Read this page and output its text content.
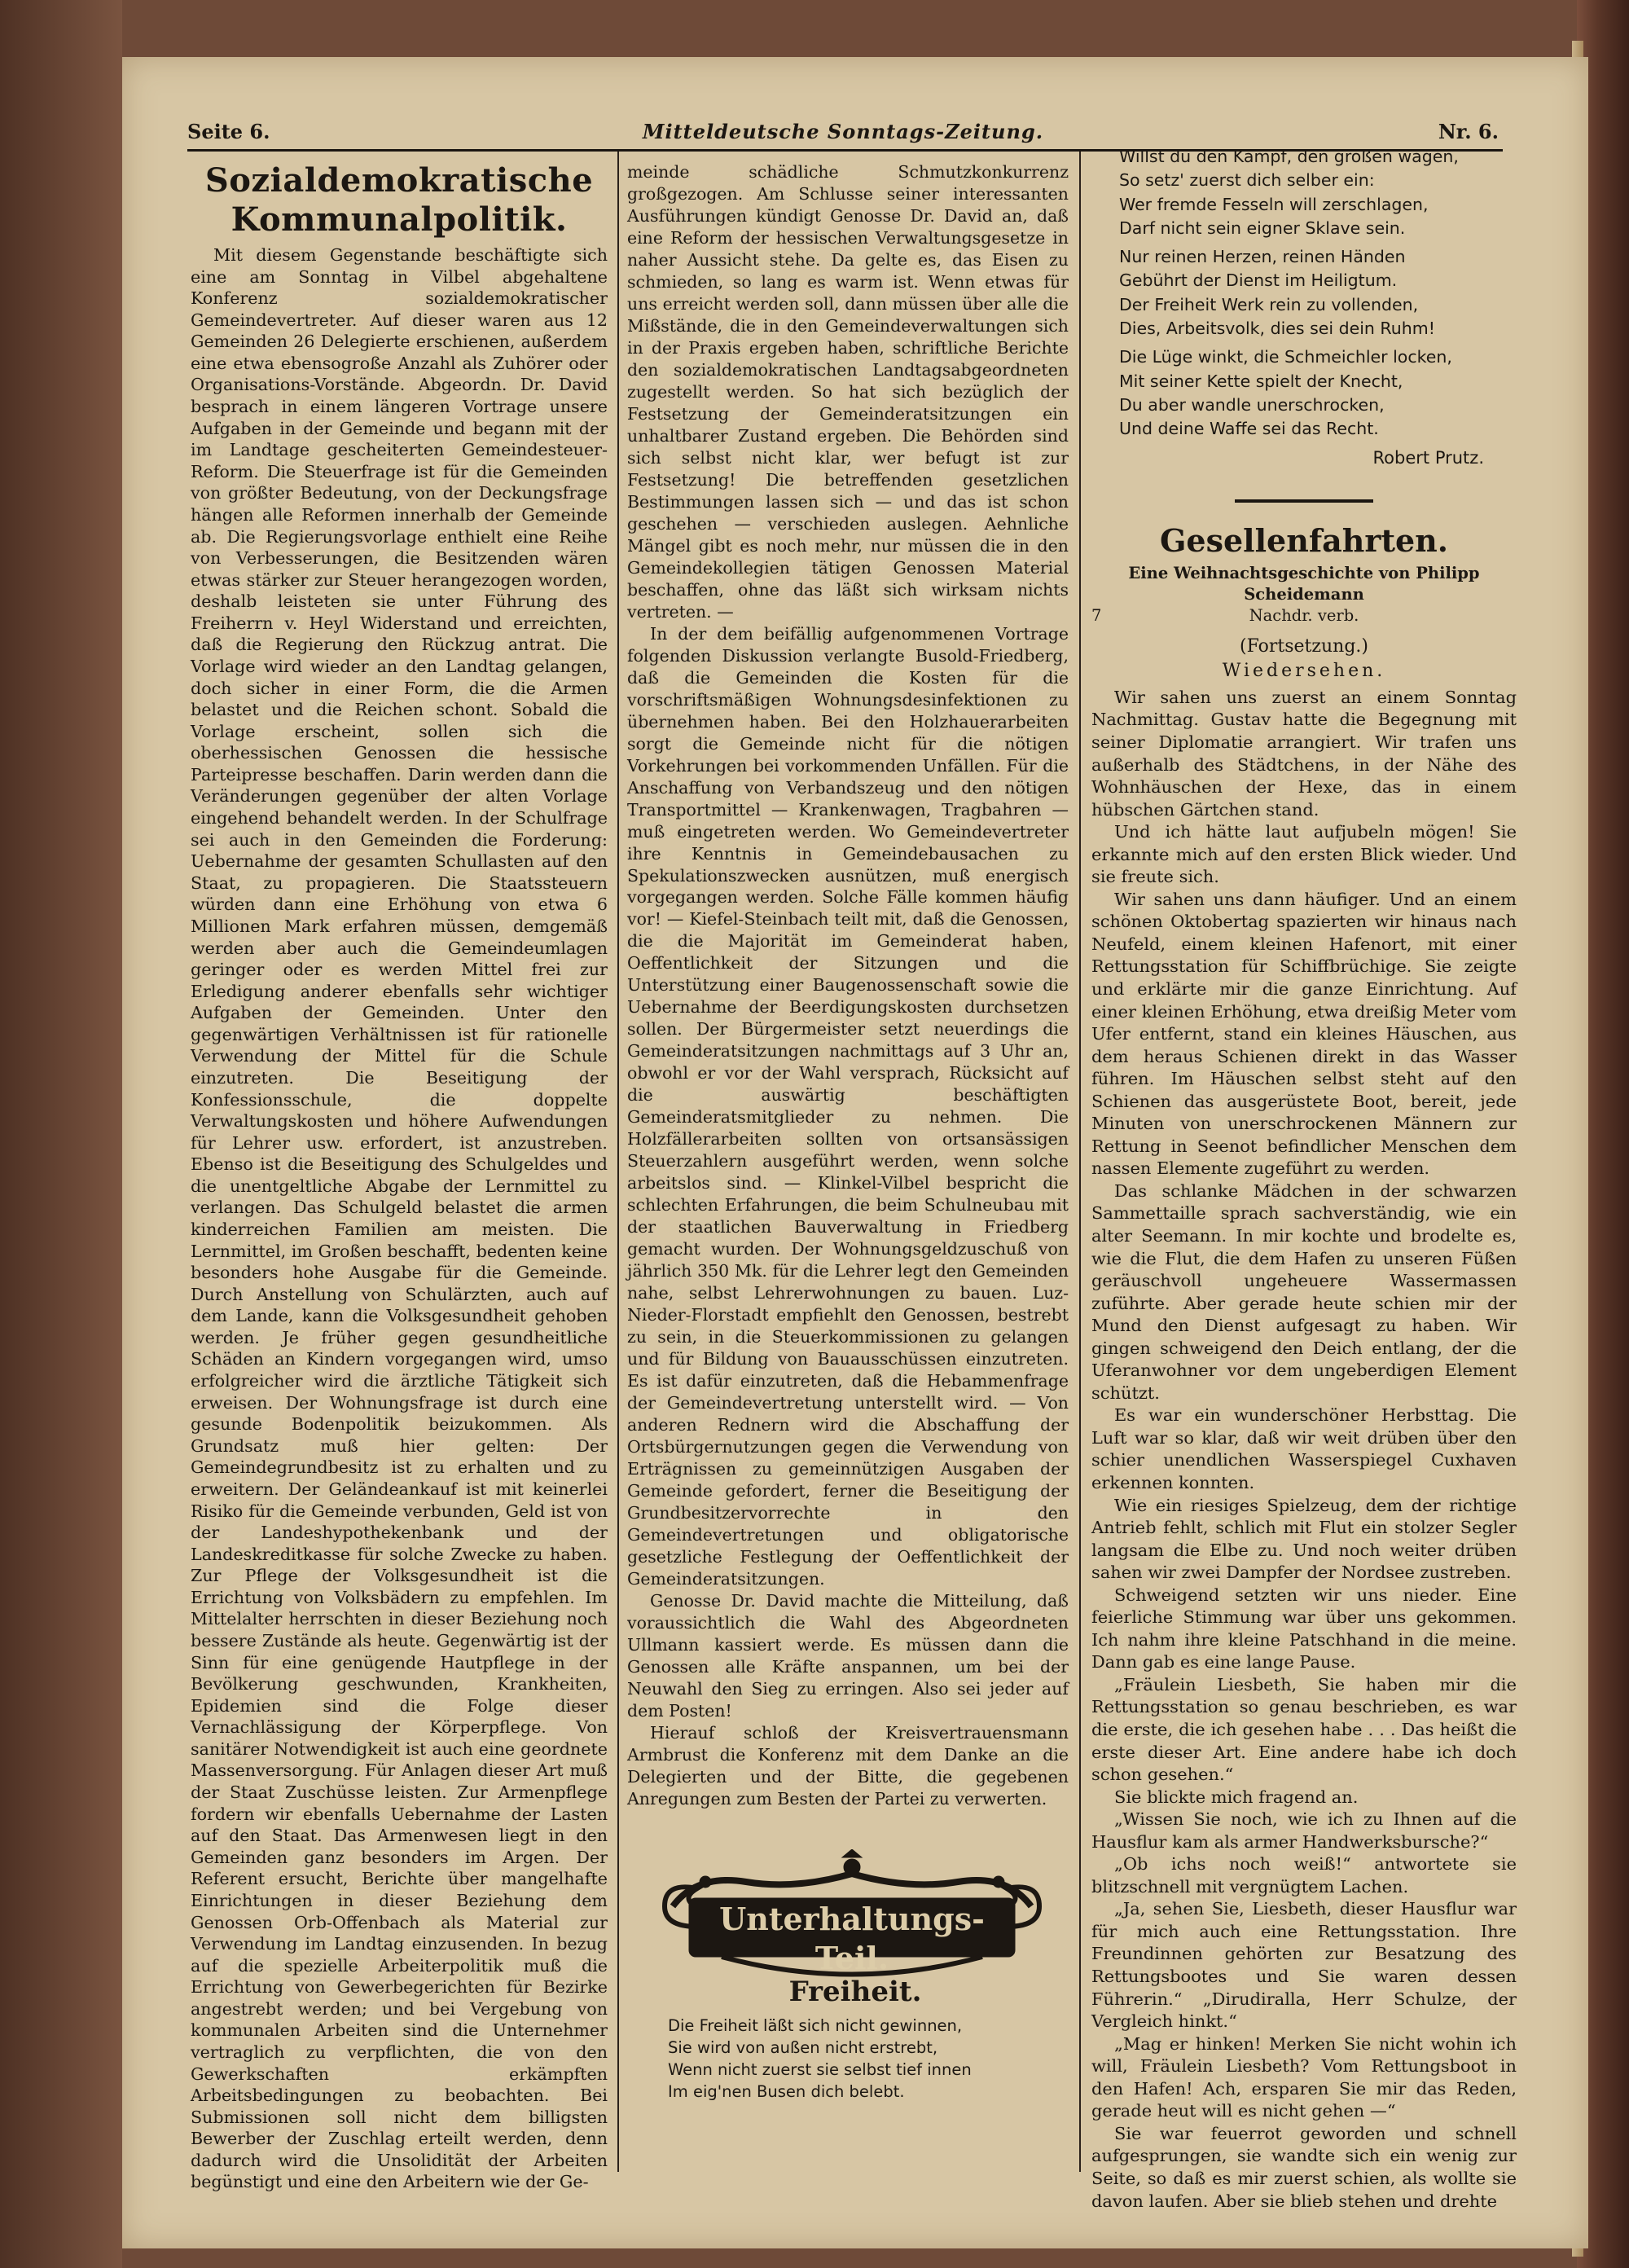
Seite 6.	Mitteldeutsche Sonntags-Zeitung.	Nr. 6.
Sozialdemokratische Kommunalpolitik.

Mit diesem Gegenstande beschäftigte sich eine am Sonntag in Vilbel abgehaltene Konferenz sozialdemokratischer Gemeindevertreter. Auf dieser waren aus 12 Gemeinden 26 Delegierte erschienen, außerdem eine etwa ebensogroße Anzahl als Zuhörer oder Organisations-Vorstände. Abgeordn. Dr. David besprach in einem längeren Vortrage unsere Aufgaben in der Gemeinde und begann mit der im Landtage gescheiterten Gemeindesteuer-Reform. Die Steuerfrage ist für die Gemeinden von größter Bedeutung, von der Deckungsfrage hängen alle Reformen innerhalb der Gemeinde ab. Die Regierungsvorlage enthielt eine Reihe von Verbesserungen, die Besitzenden wären etwas stärker zur Steuer herangezogen worden, deshalb leisteten sie unter Führung des Freiherrn v. Heyl Widerstand und erreichten, daß die Regierung den Rückzug antrat. Die Vorlage wird wieder an den Landtag gelangen, doch sicher in einer Form, die die Armen belastet und die Reichen schont. Sobald die Vorlage erscheint, sollen sich die oberhessischen Genossen die hessische Parteipresse beschaffen. Darin werden dann die Veränderungen gegenüber der alten Vorlage eingehend behandelt werden. In der Schulfrage sei auch in den Gemeinden die Forderung: Uebernahme der gesamten Schullasten auf den Staat, zu propagieren. Die Staatssteuern würden dann eine Erhöhung von etwa 6 Millionen Mark erfahren müssen, demgemäß werden aber auch die Gemeindeumlagen geringer oder es werden Mittel frei zur Erledigung anderer ebenfalls sehr wichtiger Aufgaben der Gemeinden. Unter den gegenwärtigen Verhältnissen ist für rationelle Verwendung der Mittel für die Schule einzutreten. Die Beseitigung der Konfessionsschule, die doppelte Verwaltungskosten und höhere Aufwendungen für Lehrer usw. erfordert, ist anzustreben. Ebenso ist die Beseitigung des Schulgeldes und die unentgeltliche Abgabe der Lernmittel zu verlangen. Das Schulgeld belastet die armen kinderreichen Familien am meisten. Die Lernmittel, im Großen beschafft, bedenten keine besonders hohe Ausgabe für die Gemeinde. Durch Anstellung von Schulärzten, auch auf dem Lande, kann die Volksgesundheit gehoben werden. Je früher gegen gesundheitliche Schäden an Kindern vorgegangen wird, umso erfolgreicher wird die ärztliche Tätigkeit sich erweisen. Der Wohnungsfrage ist durch eine gesunde Bodenpolitik beizukommen. Als Grundsatz muß hier gelten: Der Gemeindegrundbesitz ist zu erhalten und zu erweitern. Der Geländeankauf ist mit keinerlei Risiko für die Gemeinde verbunden, Geld ist von der Landeshypothekenbank und der Landeskreditkasse für solche Zwecke zu haben. Zur Pflege der Volksgesundheit ist die Errichtung von Volksbädern zu empfehlen. Im Mittelalter herrschten in dieser Beziehung noch bessere Zustände als heute. Gegenwärtig ist der Sinn für eine genügende Hautpflege in der Bevölkerung geschwunden, Krankheiten, Epidemien sind die Folge dieser Vernachlässigung der Körperpflege. Von sanitärer Notwendigkeit ist auch eine geordnete Massenversorgung. Für Anlagen dieser Art muß der Staat Zuschüsse leisten. Zur Armenpflege fordern wir ebenfalls Uebernahme der Lasten auf den Staat. Das Armenwesen liegt in den Gemeinden ganz besonders im Argen. Der Referent ersucht, Berichte über mangelhafte Einrichtungen in dieser Beziehung dem Genossen Orb-Offenbach als Material zur Verwendung im Landtag einzusenden. In bezug auf die spezielle Arbeiterpolitik muß die Errichtung von Gewerbegerichten für Bezirke angestrebt werden; und bei Vergebung von kommunalen Arbeiten sind die Unternehmer vertraglich zu verpflichten, die von den Gewerkschaften erkämpften Arbeitsbedingungen zu beobachten. Bei Submissionen soll nicht dem billigsten Bewerber der Zuschlag erteilt werden, denn dadurch wird die Unsolidität der Arbeiten begünstigt und eine den Arbeitern wie der Ge-

meinde schädliche Schmutzkonkurrenz großgezogen. Am Schlusse seiner interessanten Ausführungen kündigt Genosse Dr. David an, daß eine Reform der hessischen Verwaltungsgesetze in naher Aussicht stehe. Da gelte es, das Eisen zu schmieden, so lang es warm ist. Wenn etwas für uns erreicht werden soll, dann müssen über alle die Mißstände, die in den Gemeindeverwaltungen sich in der Praxis ergeben haben, schriftliche Berichte den sozialdemokratischen Landtagsabgeordneten zugestellt werden. So hat sich bezüglich der Festsetzung der Gemeinderatsitzungen ein unhaltbarer Zustand ergeben. Die Behörden sind sich selbst nicht klar, wer befugt ist zur Festsetzung! Die betreffenden gesetzlichen Bestimmungen lassen sich — und das ist schon geschehen — verschieden auslegen. Aehnliche Mängel gibt es noch mehr, nur müssen die in den Gemeindekollegien tätigen Genossen Material beschaffen, ohne das läßt sich wirksam nichts vertreten. —

In der dem beifällig aufgenommenen Vortrage folgenden Diskussion verlangte Busold-Friedberg, daß die Gemeinden die Kosten für die vorschriftsmäßigen Wohnungsdesinfektionen zu übernehmen haben. Bei den Holzhauerarbeiten sorgt die Gemeinde nicht für die nötigen Vorkehrungen bei vorkommenden Unfällen. Für die Anschaffung von Verbandszeug und den nötigen Transportmittel — Krankenwagen, Tragbahren — muß eingetreten werden. Wo Gemeindevertreter ihre Kenntnis in Gemeindebausachen zu Spekulationszwecken ausnützen, muß energisch vorgegangen werden. Solche Fälle kommen häufig vor! — Kiefel-Steinbach teilt mit, daß die Genossen, die die Majorität im Gemeinderat haben, Oeffentlichkeit der Sitzungen und die Unterstützung einer Baugenossenschaft sowie die Uebernahme der Beerdigungskosten durchsetzen sollen. Der Bürgermeister setzt neuerdings die Gemeinderatsitzungen nachmittags auf 3 Uhr an, obwohl er vor der Wahl versprach, Rücksicht auf die auswärtig beschäftigten Gemeinderatsmitglieder zu nehmen. Die Holzfällerarbeiten sollten von ortsansässigen Steuerzahlern ausgeführt werden, wenn solche arbeitslos sind. — Klinkel-Vilbel bespricht die schlechten Erfahrungen, die beim Schulneubau mit der staatlichen Bauverwaltung in Friedberg gemacht wurden. Der Wohnungsgeldzuschuß von jährlich 350 Mk. für die Lehrer legt den Gemeinden nahe, selbst Lehrerwohnungen zu bauen. Luz-Nieder-Florstadt empfiehlt den Genossen, bestrebt zu sein, in die Steuerkommissionen zu gelangen und für Bildung von Bauausschüssen einzutreten. Es ist dafür einzutreten, daß die Hebammenfrage der Gemeindevertretung unterstellt wird. — Von anderen Rednern wird die Abschaffung der Ortsbürgernutzungen gegen die Verwendung von Erträgnissen zu gemeinnützigen Ausgaben der Gemeinde gefordert, ferner die Beseitigung der Grundbesitzervorrechte in den Gemeindevertretungen und obligatorische gesetzliche Festlegung der Oeffentlichkeit der Gemeinderatsitzungen.

Genosse Dr. David machte die Mitteilung, daß voraussichtlich die Wahl des Abgeordneten Ullmann kassiert werde. Es müssen dann die Genossen alle Kräfte anspannen, um bei der Neuwahl den Sieg zu erringen. Also sei jeder auf dem Posten!

Hierauf schloß der Kreisvertrauensmann Armbrust die Konferenz mit dem Danke an die Delegierten und der Bitte, die gegebenen Anregungen zum Besten der Partei zu verwerten.

Unterhaltungs-Teil.
Freiheit.
Die Freiheit läßt sich nicht gewinnen,
Sie wird von außen nicht erstrebt,
Wenn nicht zuerst sie selbst tief innen
Im eig'nen Busen dich belebt.
Willst du den Kampf, den großen wagen,
So setz' zuerst dich selber ein:
Wer fremde Fesseln will zerschlagen,
Darf nicht sein eigner Sklave sein.
Nur reinen Herzen, reinen Händen
Gebührt der Dienst im Heiligtum.
Der Freiheit Werk rein zu vollenden,
Dies, Arbeitsvolk, dies sei dein Ruhm!
Die Lüge winkt, die Schmeichler locken,
Mit seiner Kette spielt der Knecht,
Du aber wandle unerschrocken,
Und deine Waffe sei das Recht.
Robert Prutz.
Gesellenfahrten.
Eine Weihnachtsgeschichte von Philipp Scheidemann
7	Nachdr. verb.
(Fortsetzung.)
Wiedersehen.

Wir sahen uns zuerst an einem Sonntag Nachmittag. Gustav hatte die Begegnung mit seiner Diplomatie arrangiert. Wir trafen uns außerhalb des Städtchens, in der Nähe des Wohnhäuschen der Hexe, das in einem hübschen Gärtchen stand.

Und ich hätte laut aufjubeln mögen! Sie erkannte mich auf den ersten Blick wieder. Und sie freute sich.

Wir sahen uns dann häufiger. Und an einem schönen Oktobertag spazierten wir hinaus nach Neufeld, einem kleinen Hafenort, mit einer Rettungsstation für Schiffbrüchige. Sie zeigte und erklärte mir die ganze Einrichtung. Auf einer kleinen Erhöhung, etwa dreißig Meter vom Ufer entfernt, stand ein kleines Häuschen, aus dem heraus Schienen direkt in das Wasser führen. Im Häuschen selbst steht auf den Schienen das ausgerüstete Boot, bereit, jede Minuten von unerschrockenen Männern zur Rettung in Seenot befindlicher Menschen dem nassen Elemente zugeführt zu werden.

Das schlanke Mädchen in der schwarzen Sammettaille sprach sachverständig, wie ein alter Seemann. In mir kochte und brodelte es, wie die Flut, die dem Hafen zu unseren Füßen geräuschvoll ungeheuere Wassermassen zuführte. Aber gerade heute schien mir der Mund den Dienst aufgesagt zu haben. Wir gingen schweigend den Deich entlang, der die Uferanwohner vor dem ungeberdigen Element schützt.

Es war ein wunderschöner Herbsttag. Die Luft war so klar, daß wir weit drüben über den schier unendlichen Wasserspiegel Cuxhaven erkennen konnten.

Wie ein riesiges Spielzeug, dem der richtige Antrieb fehlt, schlich mit Flut ein stolzer Segler langsam die Elbe zu. Und noch weiter drüben sahen wir zwei Dampfer der Nordsee zustreben.

Schweigend setzten wir uns nieder. Eine feierliche Stimmung war über uns gekommen. Ich nahm ihre kleine Patschhand in die meine. Dann gab es eine lange Pause.

„Fräulein Liesbeth, Sie haben mir die Rettungsstation so genau beschrieben, es war die erste, die ich gesehen habe . . . Das heißt die erste dieser Art. Eine andere habe ich doch schon gesehen.“

Sie blickte mich fragend an.

„Wissen Sie noch, wie ich zu Ihnen auf die Hausflur kam als armer Handwerksbursche?“

„Ob ichs noch weiß!“ antwortete sie blitzschnell mit vergnügtem Lachen.

„Ja, sehen Sie, Liesbeth, dieser Hausflur war für mich auch eine Rettungsstation. Ihre Freundinnen gehörten zur Besatzung des Rettungsbootes und Sie waren dessen Führerin.“ „Dirudiralla, Herr Schulze, der Vergleich hinkt.“

„Mag er hinken! Merken Sie nicht wohin ich will, Fräulein Liesbeth? Vom Rettungsboot in den Hafen! Ach, ersparen Sie mir das Reden, gerade heut will es nicht gehen —“

Sie war feuerrot geworden und schnell aufgesprungen, sie wandte sich ein wenig zur Seite, so daß es mir zuerst schien, als wollte sie davon laufen. Aber sie blieb stehen und drehte
